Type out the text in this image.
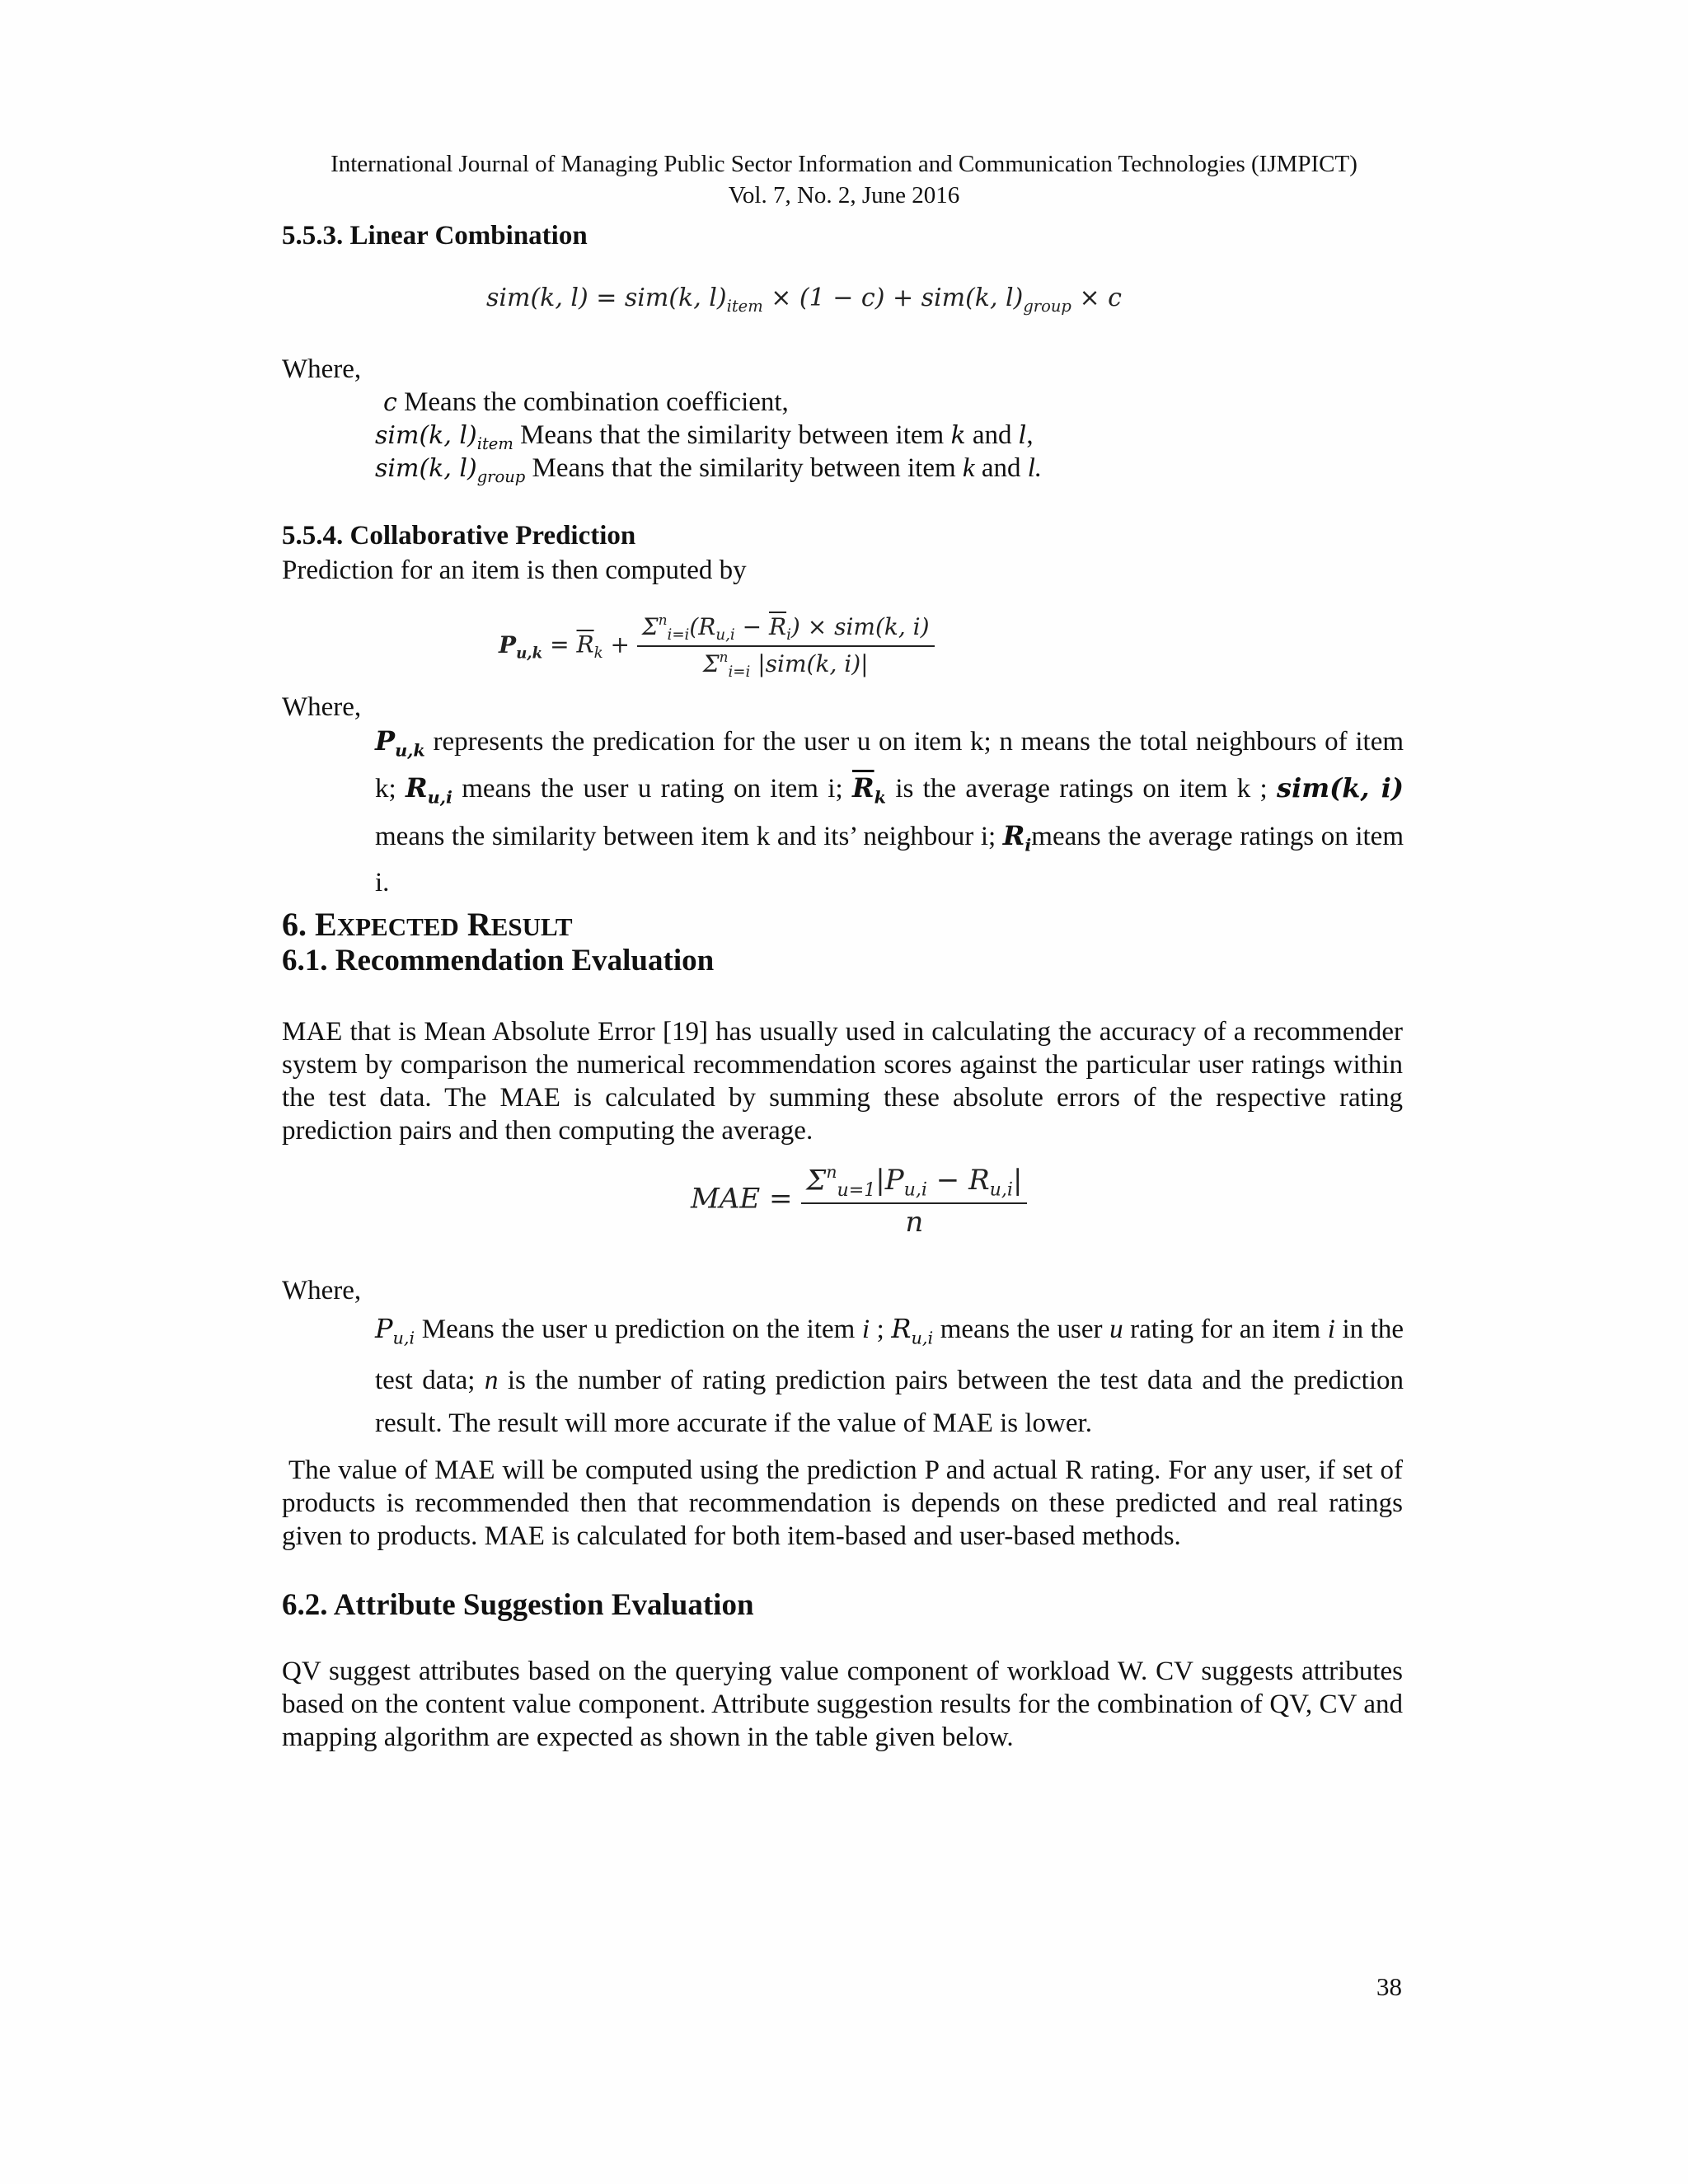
International Journal of Managing Public Sector Information and Communication Technologies (IJMPICT)
Vol. 7, No. 2, June 2016

5.5.3. Linear Combination

sim(k, l) = sim(k, $l)_{item} \times (1 - c) + sim(k$, $l)_{group} \times c$

Where,

c Means the combination coefficient,

sim(k, $l)_{item}$ Means that the similarity between item k and l,

sim(k, $l)_{group}$ Means that the similarity between item k and l.

5.5.4. Collaborative Prediction

Prediction for an item is then computed by

$P_{u,k} = \overline{R}_k + \frac{\Sigma^n_{i=i}(R_{u,i} - \overline{R}_i) \times sim(k, i)}{\Sigma^n_{i=i} |sim(k, i)|}$

Where,

$P_{u,k}$ represents the predication for the user u on item k; n means the total neighbours of item k; $R_{u,i}$ means the user u rating on item i; $\overline{R}_k$ is the average ratings on item k ; sim(k, i) means the similarity between item k and its’ neighbour i; $R_imeans$ the average ratings on item i.

6. EXPECTED RESULT

6.1. Recommendation Evaluation

MAE that is Mean Absolute Error [19] has usually used in calculating the accuracy of a recommender system by comparison the numerical recommendation scores against the particular user ratings within the test data. The MAE is calculated by summing these absolute errors of the respective rating prediction pairs and then computing the average.

MAE = $\frac{\Sigma^n_{u=1}|P_{u,i} - R_{u,i}|}{n}$

Where,

$P_{u,i}$ Means the user u prediction on the item i ; $R_{u,i}$ means the user u rating for an item i in the test data; n is the number of rating prediction pairs between the test data and the prediction result. The result will more accurate if the value of MAE is lower.

The value of MAE will be computed using the prediction P and actual R rating. For any user, if set of products is recommended then that recommendation is depends on these predicted and real ratings given to products. MAE is calculated for both item-based and user-based methods.

6.2. Attribute Suggestion Evaluation

QV suggest attributes based on the querying value component of workload W. CV suggests attributes based on the content value component. Attribute suggestion results for the combination of QV, CV and mapping algorithm are expected as shown in the table given below.

38
